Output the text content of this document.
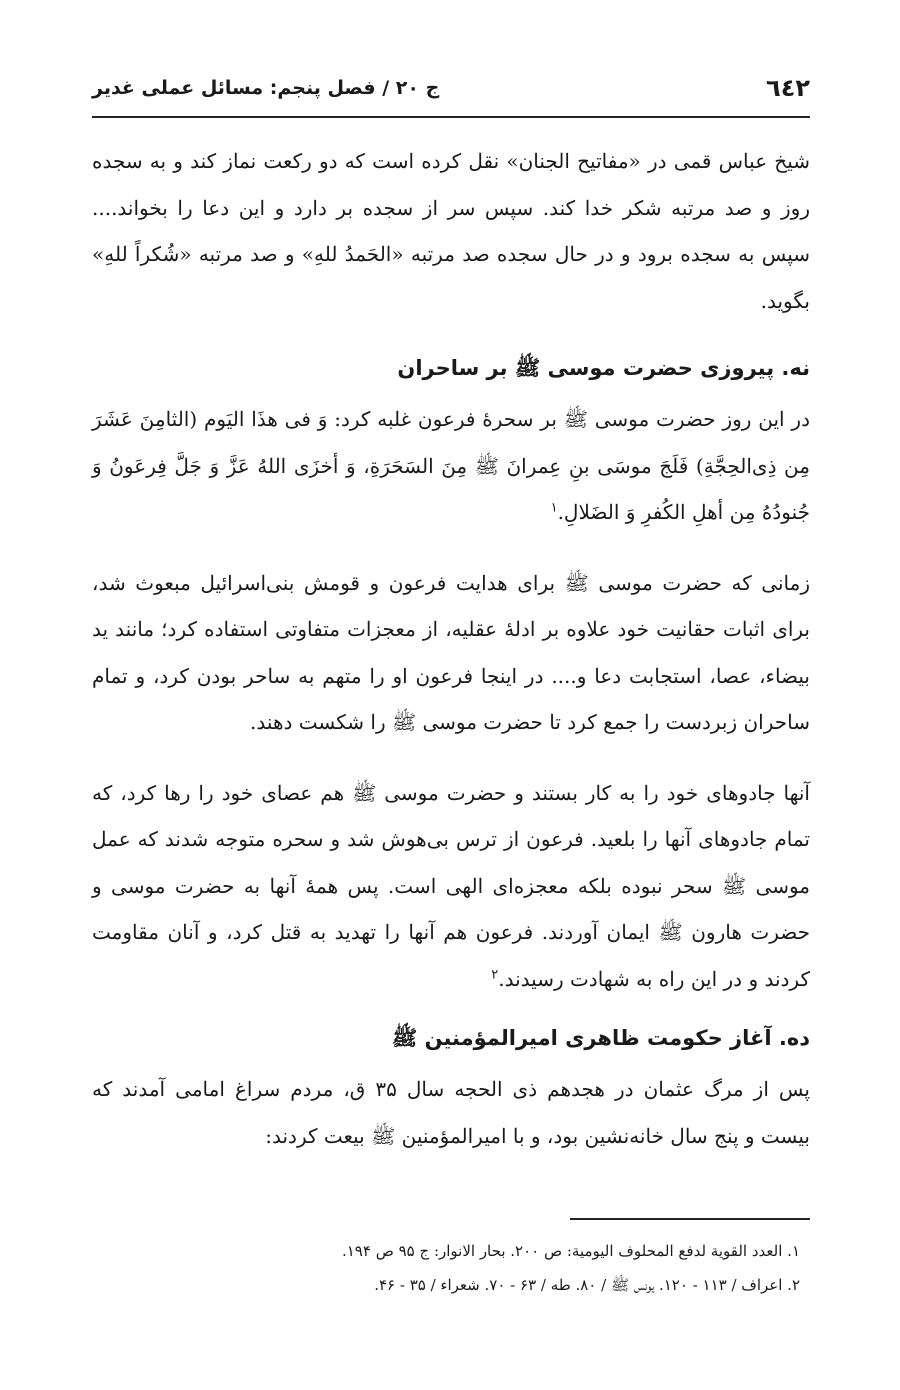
٦٤٢
ج ۲۰ / فصل پنجم: مسائل عملی غدیر

شیخ عباس قمی در «مفاتیح الجنان» نقل کرده است که دو رکعت نماز کند و به سجده روز و صد مرتبه شکر خدا کند. سپس سر از سجده بر دارد و این دعا را بخواند.... سپس به سجده برود و در حال سجده صد مرتبه «الحَمدُ للهِ» و صد مرتبه «شُکراً للهِ» بگوید.

نه. پیروزی حضرت موسی ﷺ بر ساحران

در این روز حضرت موسی ﷺ بر سحرهٔ فرعون غلبه کرد: وَ فی هذَا الیَوم (الثامِنَ عَشَرَ مِن ذِی‌الحِجَّةِ) فَلَجَ موسَی بنِ عِمرانَ ﷺ مِنَ السَحَرَةِ، وَ أخزَی اللهُ عَزَّ وَ جَلَّ فِرعَونُ وَ جُنودُهُ مِن أهلِ الکُفرِ وَ الضَلالِ.$^۱$

زمانی که حضرت موسی ﷺ برای هدایت فرعون و قومش بنی‌اسرائیل مبعوث شد، برای اثبات حقانیت خود علاوه بر ادلهٔ عقلیه، از معجزات متفاوتی استفاده کرد؛ مانند ید بیضاء، عصا، استجابت دعا و.... در اینجا فرعون او را متهم به ساحر بودن کرد، و تمام ساحران زبردست را جمع کرد تا حضرت موسی ﷺ را شکست دهند.

آنها جادوهای خود را به کار بستند و حضرت موسی ﷺ هم عصای خود را رها کرد، که تمام جادوهای آنها را بلعید. فرعون از ترس بی‌هوش شد و سحره متوجه شدند که عمل موسی ﷺ سحر نبوده بلکه معجزه‌ای الهی است. پس همهٔ آنها به حضرت موسی و حضرت هارون ﷺ ایمان آوردند. فرعون هم آنها را تهدید به قتل کرد، و آنان مقاومت کردند و در این راه به شهادت رسیدند.$^۲$

ده. آغاز حکومت ظاهری امیرالمؤمنین ﷺ

پس از مرگ عثمان در هجدهم ذی الحجه سال ۳۵ ق، مردم سراغ امامی آمدند که بیست و پنج سال خانه‌نشین بود، و با امیرالمؤمنین ﷺ بیعت کردند:

۱. العدد القویة لدفع المحلوف الیومیة: ص ۲۰۰. بحار الانوار: ج ۹۵ ص ۱۹۴.
۲. اعراف / ۱۱۳ - ۱۲۰. یونس ﷺ / ۸۰. طه / ۶۳ - ۷۰. شعراء / ۳۵ - ۴۶.
